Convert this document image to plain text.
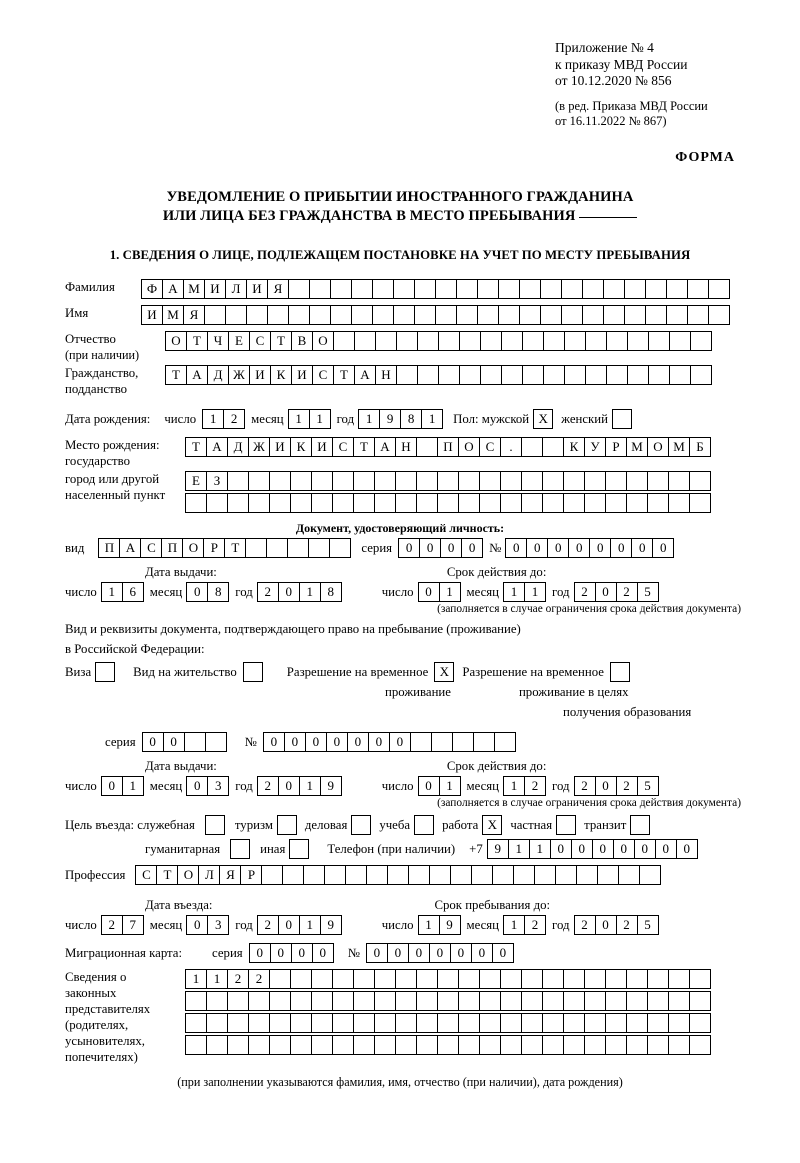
Приложение № 4
к приказу МВД России
от 10.12.2020 № 856
(в ред. Приказа МВД России
от 16.11.2022 № 867)
ФОРМА
УВЕДОМЛЕНИЕ О ПРИБЫТИИ ИНОСТРАННОГО ГРАЖДАНИНА
ИЛИ ЛИЦА БЕЗ ГРАЖДАНСТВА В МЕСТО ПРЕБЫВАНИЯ
1. СВЕДЕНИЯ О ЛИЦЕ, ПОДЛЕЖАЩЕМ ПОСТАНОВКЕ НА УЧЕТ ПО МЕСТУ ПРЕБЫВАНИЯ
Фамилия	Ф А М И Л И Я
Имя	И М Я
Отчество
(при наличии)
О Т Ч Е С Т В О
Гражданство,
подданство
Т А Д Ж И К И С Т А Н
Дата рождения: число	1	2	месяц 1	1	год 1	9	8	1	Пол: мужской Х	женский
Место рождения:
государство
Т А Д Ж И К И С Т А Н	П О С	.	К У Р М О М Б
город или другой
населенный пункт
Е	З
Документ, удостоверяющий личность:
вид	П А С П О Р	Т	серия	0	0	0	0	№ 0	0	0	0	0	0	0	0
Дата выдачи:	Срок действия до:
число 1	6	месяц 0	8	год 2	0	1	8	число 0	1	месяц 1	1	год 2	0	2	5
(заполняется в случае ограничения срока действия документа)
Вид и реквизиты документа, подтверждающего право на пребывание (проживание)
в Российской Федерации:
Виза	Вид на жительство	Разрешение на временное Х	Разрешение на временное
проживание	проживание в целях
получения образования
серия	0	0	№	0	0	0	0	0	0	0
Дата выдачи:	Срок действия до:
число 0	1	месяц 0	3	год 2	0	1	9	число 0	1	месяц 1	2	год 2	0	2	5
(заполняется в случае ограничения срока действия документа)
Цель въезда: служебная	туризм	деловая	учеба	работа Х	частная	транзит
гуманитарная	иная	Телефон (при наличии) +7 9	1	1	0	0	0	0	0	0	0
Профессия	С Т О Л Я	Р
Дата въезда:	Срок пребывания до:
число 2	7	месяц 0	3	год 2	0	1	9	число 1	9	месяц 1	2	год 2	0	2	5
Миграционная карта: серия	0	0	0	0	№	0	0	0	0	0	0	0
Сведения о
законных
представителях
(родителях,
усыновителях,
попечителях)
1	1	2	2
(при заполнении указываются фамилия, имя, отчество (при наличии), дата рождения)
